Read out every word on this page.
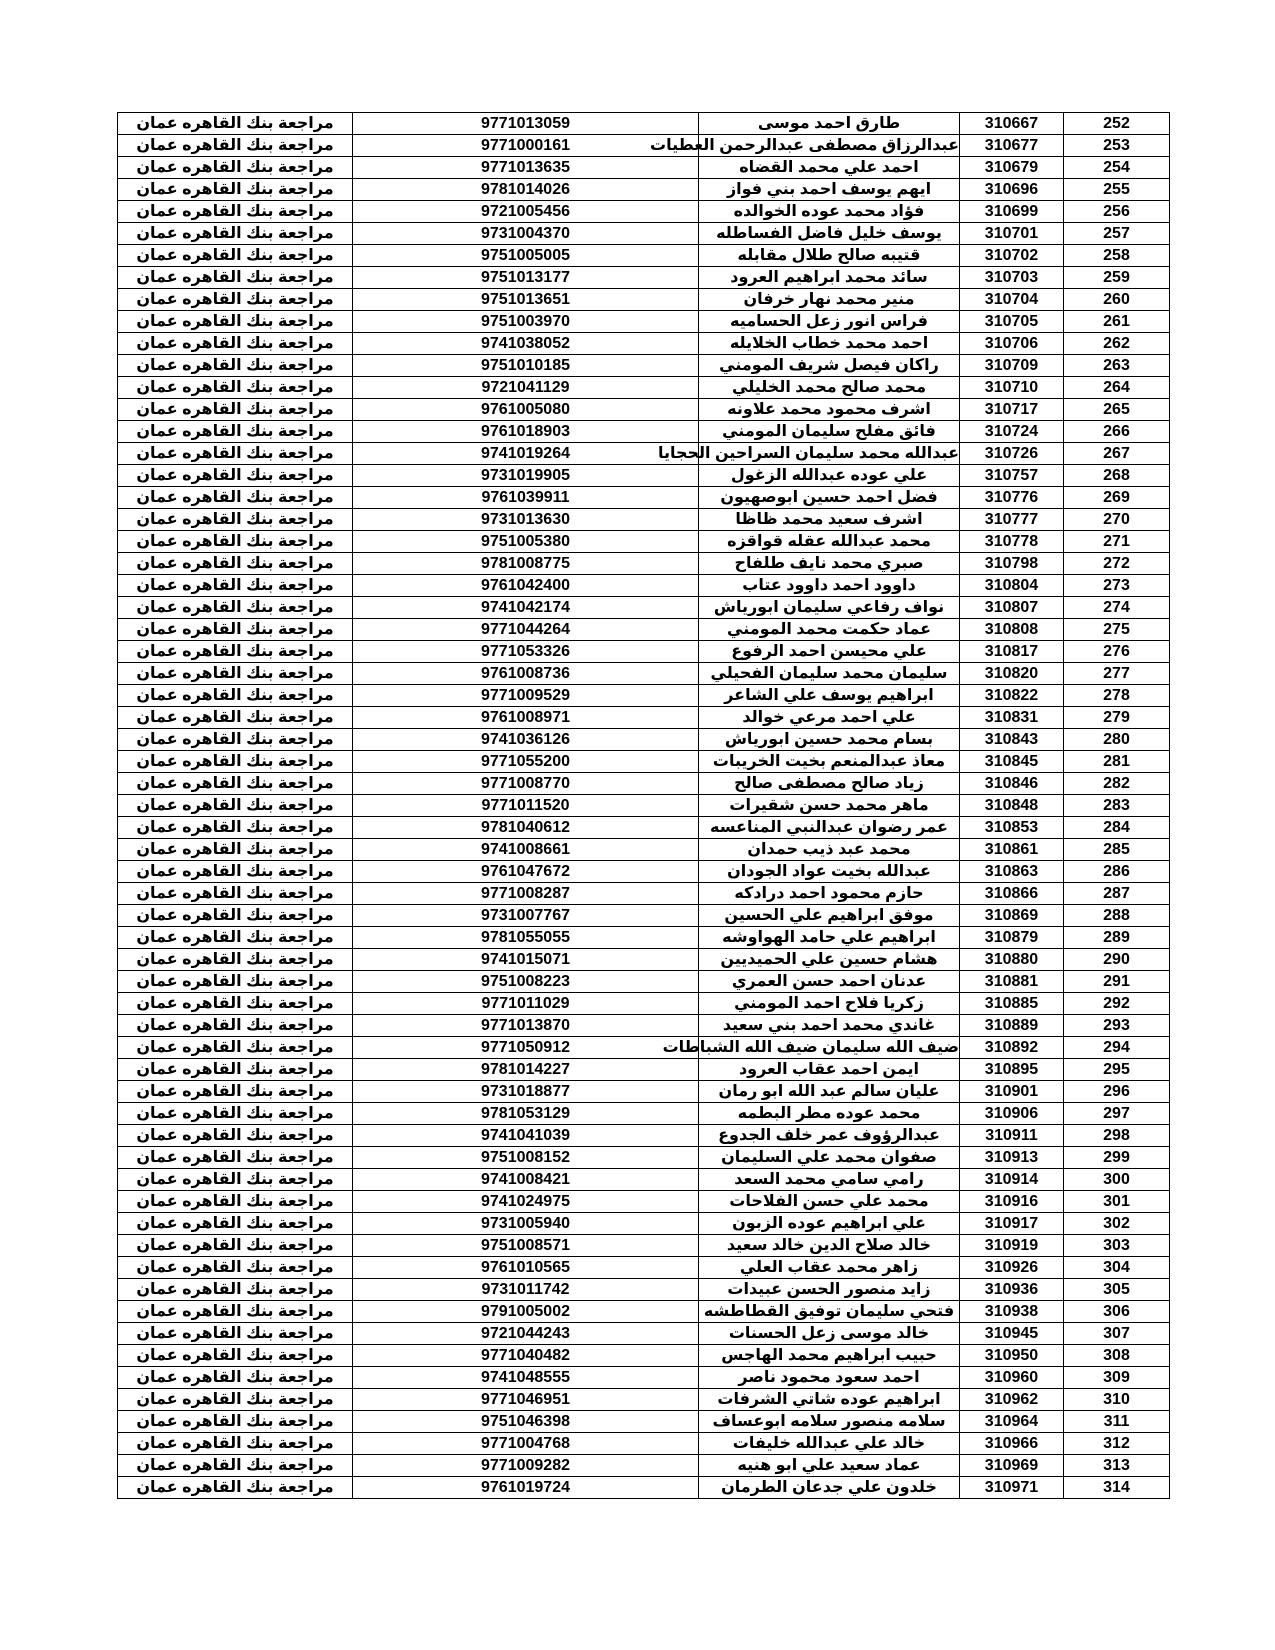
مراجعة بنك القاهره عمان	9771013059	طارق احمد موسى	310667	252
مراجعة بنك القاهره عمان	9771000161	عبدالرزاق مصطفى عبدالرحمن العطيات	310677	253
مراجعة بنك القاهره عمان	9771013635	احمد علي محمد القضاه	310679	254
مراجعة بنك القاهره عمان	9781014026	ايهم يوسف احمد بني فواز	310696	255
مراجعة بنك القاهره عمان	9721005456	فؤاد محمد عوده الخوالده	310699	256
مراجعة بنك القاهره عمان	9731004370	يوسف خليل فاضل الفساطله	310701	257
مراجعة بنك القاهره عمان	9751005005	قتيبه صالح طلال مقابله	310702	258
مراجعة بنك القاهره عمان	9751013177	سائد محمد ابراهيم العرود	310703	259
مراجعة بنك القاهره عمان	9751013651	منير محمد نهار خرفان	310704	260
مراجعة بنك القاهره عمان	9751003970	فراس انور زعل الحساميه	310705	261
مراجعة بنك القاهره عمان	9741038052	احمد محمد خطاب الخلايله	310706	262
مراجعة بنك القاهره عمان	9751010185	راكان فيصل شريف المومني	310709	263
مراجعة بنك القاهره عمان	9721041129	محمد صالح محمد الخليلي	310710	264
مراجعة بنك القاهره عمان	9761005080	اشرف محمود محمد علاونه	310717	265
مراجعة بنك القاهره عمان	9761018903	فائق مفلح سليمان المومني	310724	266
مراجعة بنك القاهره عمان	9741019264	عبدالله محمد سليمان السراحين الحجايا	310726	267
مراجعة بنك القاهره عمان	9731019905	علي عوده عبدالله الزغول	310757	268
مراجعة بنك القاهره عمان	9761039911	فضل احمد حسين ابوصهيون	310776	269
مراجعة بنك القاهره عمان	9731013630	اشرف سعيد محمد ظاظا	310777	270
مراجعة بنك القاهره عمان	9751005380	محمد عبدالله عقله قواقزه	310778	271
مراجعة بنك القاهره عمان	9781008775	صبري محمد نايف طلفاح	310798	272
مراجعة بنك القاهره عمان	9761042400	داوود احمد داوود عتاب	310804	273
مراجعة بنك القاهره عمان	9741042174	نواف رفاعي سليمان ابورياش	310807	274
مراجعة بنك القاهره عمان	9771044264	عماد حكمت محمد المومني	310808	275
مراجعة بنك القاهره عمان	9771053326	علي محيسن احمد الرفوع	310817	276
مراجعة بنك القاهره عمان	9761008736	سليمان محمد سليمان الفحيلي	310820	277
مراجعة بنك القاهره عمان	9771009529	ابراهيم يوسف علي الشاعر	310822	278
مراجعة بنك القاهره عمان	9761008971	علي احمد مرعي خوالد	310831	279
مراجعة بنك القاهره عمان	9741036126	بسام محمد حسين ابورياش	310843	280
مراجعة بنك القاهره عمان	9771055200	معاذ عبدالمنعم بخيت الخريبات	310845	281
مراجعة بنك القاهره عمان	9771008770	زياد صالح مصطفى صالح	310846	282
مراجعة بنك القاهره عمان	9771011520	ماهر محمد حسن شقيرات	310848	283
مراجعة بنك القاهره عمان	9781040612	عمر رضوان عبدالنبي المناعسه	310853	284
مراجعة بنك القاهره عمان	9741008661	محمد عبد ذيب حمدان	310861	285
مراجعة بنك القاهره عمان	9761047672	عبدالله بخيت عواد الجودان	310863	286
مراجعة بنك القاهره عمان	9771008287	حازم محمود احمد درادكه	310866	287
مراجعة بنك القاهره عمان	9731007767	موفق ابراهيم علي الحسين	310869	288
مراجعة بنك القاهره عمان	9781055055	ابراهيم علي حامد الهواوشه	310879	289
مراجعة بنك القاهره عمان	9741015071	هشام حسين علي الحميديين	310880	290
مراجعة بنك القاهره عمان	9751008223	عدنان احمد حسن العمري	310881	291
مراجعة بنك القاهره عمان	9771011029	زكريا فلاح احمد المومني	310885	292
مراجعة بنك القاهره عمان	9771013870	غاندي محمد احمد بني سعيد	310889	293
مراجعة بنك القاهره عمان	9771050912	ضيف الله سليمان ضيف الله الشباطات	310892	294
مراجعة بنك القاهره عمان	9781014227	ايمن احمد عقاب العرود	310895	295
مراجعة بنك القاهره عمان	9731018877	عليان سالم عبد الله ابو رمان	310901	296
مراجعة بنك القاهره عمان	9781053129	محمد عوده مطر البطمه	310906	297
مراجعة بنك القاهره عمان	9741041039	عبدالرؤوف عمر خلف الجدوع	310911	298
مراجعة بنك القاهره عمان	9751008152	صفوان محمد علي السليمان	310913	299
مراجعة بنك القاهره عمان	9741008421	رامي سامي محمد السعد	310914	300
مراجعة بنك القاهره عمان	9741024975	محمد علي حسن الفلاحات	310916	301
مراجعة بنك القاهره عمان	9731005940	علي ابراهيم عوده الزبون	310917	302
مراجعة بنك القاهره عمان	9751008571	خالد صلاح الدين خالد سعيد	310919	303
مراجعة بنك القاهره عمان	9761010565	زاهر محمد عقاب العلي	310926	304
مراجعة بنك القاهره عمان	9731011742	زايد منصور الحسن عبيدات	310936	305
مراجعة بنك القاهره عمان	9791005002	فتحي سليمان توفيق القطاطشه	310938	306
مراجعة بنك القاهره عمان	9721044243	خالد موسى زعل الحسنات	310945	307
مراجعة بنك القاهره عمان	9771040482	حبيب ابراهيم محمد الهاجس	310950	308
مراجعة بنك القاهره عمان	9741048555	احمد سعود محمود ناصر	310960	309
مراجعة بنك القاهره عمان	9771046951	ابراهيم عوده شاتي الشرفات	310962	310
مراجعة بنك القاهره عمان	9751046398	سلامه منصور سلامه ابوعساف	310964	311
مراجعة بنك القاهره عمان	9771004768	خالد علي عبدالله خليفات	310966	312
مراجعة بنك القاهره عمان	9771009282	عماد سعيد علي ابو هنيه	310969	313
مراجعة بنك القاهره عمان	9761019724	خلدون علي جدعان الطرمان	310971	314
